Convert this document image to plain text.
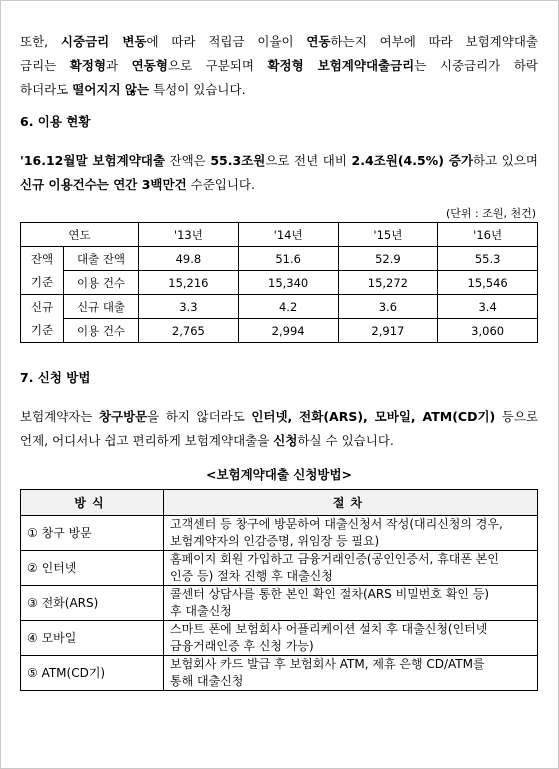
또한, 시중금리 변동에 따라 적립금 이율이 연동하는지 여부에 따라 보험계약대출

금리는 확정형과 연동형으로 구분되며 확정형 보험계약대출금리는 시중금리가 하락

하더라도 떨어지지 않는 특성이 있습니다.

6. 이용 현황

'16.12월말 보험계약대출 잔액은 55.3조원으로 전년 대비 2.4조원(4.5%) 증가하고 있으며

신규 이용건수는 연간 3백만건 수준입니다.

(단위 : 조원, 천건)
연도		'13년	'14년	'15년	'16년
잔액
기준	대출 잔액	49.8	51.6	52.9	55.3
	이용 건수	15,216	15,340	15,272	15,546
신규
기준	신규 대출	3.3	4.2	3.6	3.4
	이용 건수	2,765	2,994	2,917	3,060
7. 신청 방법

보험계약자는 창구방문을 하지 않더라도 인터넷, 전화(ARS), 모바일, ATM(CD기) 등으로

언제, 어디서나 쉽고 편리하게 보험계약대출을 신청하실 수 있습니다.

<보험계약대출 신청방법>
방식	절차
① 창구 방문	고객센터 등 창구에 방문하여 대출신청서 작성(대리신청의 경우,
보험계약자의 인감증명, 위임장 등 필요)
② 인터넷	홈페이지 회원 가입하고 금융거래인증(공인인증서, 휴대폰 본인
인증 등) 절차 진행 후 대출신청
③ 전화(ARS)	콜센터 상담사를 통한 본인 확인 절차(ARS 비밀번호 확인 등)
후 대출신청
④ 모바일	스마트 폰에 보험회사 어플리케이션 설치 후 대출신청(인터넷
금융거래인증 후 신청 가능)
⑤ ATM(CD기)	보험회사 카드 발급 후 보험회사 ATM, 제휴 은행 CD/ATM를
통해 대출신청
